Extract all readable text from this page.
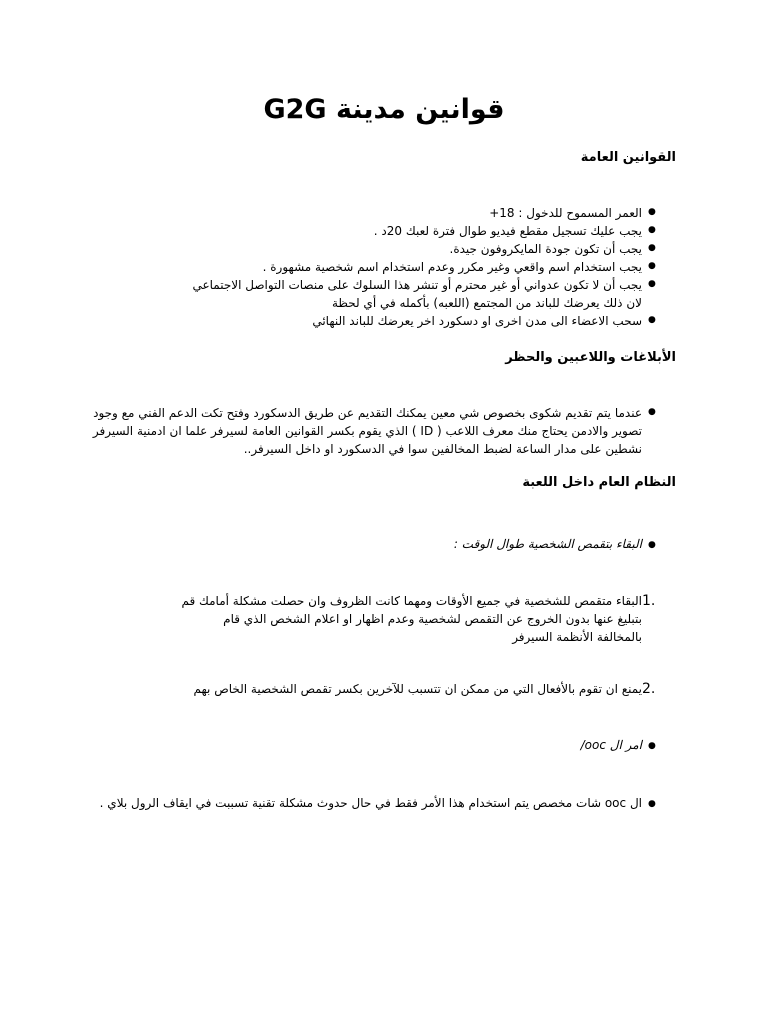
قوانين مدينة G2G
القوانين العامة
●

العمر المسموح للدخول : 18+

●

يجب عليك تسجيل مقطع فيديو طوال فترة لعبك 20د .

●

يجب أن تكون جودة المايكروفون جيدة.

●

يجب استخدام اسم واقعي وغير مكرر وعدم استخدام اسم شخصية مشهورة .

●

يجب أن لا تكون عدواني أو غير محترم أو تنشر هذا السلوك على منصات التواصل الاجتماعي

لان ذلك يعرضك للباند من المجتمع (اللعبه) بأكمله في أي لحظة

●

سحب الاعضاء الى مدن اخرى او دسكورد اخر يعرضك للباند النهائي

الأبلاغات واللاعبين والحظر
●

عندما يتم تقديم شكوى بخصوص شي معين يمكنك التقديم عن طريق الدسكورد وفتح تكت الدعم الفني مع وجود

تصوير والادمن يحتاج منك معرف اللاعب ( ID ) الذي يقوم بكسر القوانين العامة لسيرفر علما ان ادمنية السيرفر

نشطين على مدار الساعة لضبط المخالفين سوا في الدسكورد او داخل السيرفر..

النظام العام داخل اللعبة
●

البقاء بتقمص الشخصية طوال الوقت :

1.

البقاء متقمص للشخصية في جميع الأوقات ومهما كانت الظروف وان حصلت مشكلة أمامك قم

بتبليغ عنها بدون الخروج عن التقمص لشخصية وعدم اظهار او اعلام الشخص الذي قام

بالمخالفة الأنظمة السيرفر

2.

يمنع ان تقوم بالأفعال التي من ممكن ان تتسبب للآخرين بكسر تقمص الشخصية الخاص بهم

●

امر ال ooc/

●

ال ooc شات مخصص يتم استخدام هذا الأمر فقط في حال حدوث مشكلة تقنية تسببت في ايقاف الرول بلاي .
